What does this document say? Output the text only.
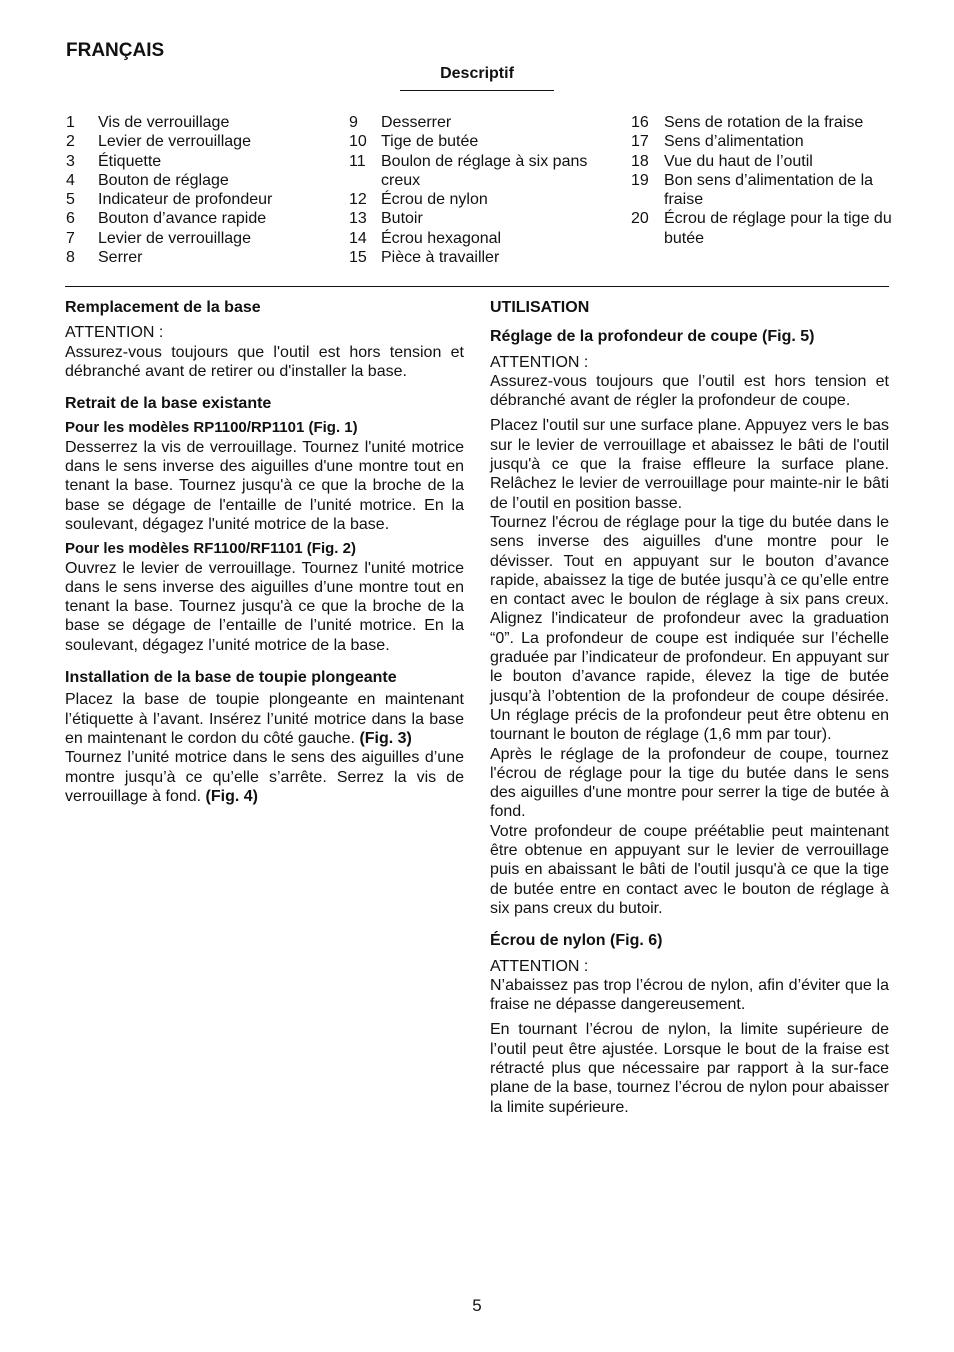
FRANÇAIS
Descriptif
1	Vis de verrouillage
2	Levier de verrouillage
3	Étiquette
4	Bouton de réglage
5	Indicateur de profondeur
6	Bouton d’avance rapide
7	Levier de verrouillage
8	Serrer
9	Desserrer
10 Tige de butée
11 Boulon de réglage à six pans creux
12 Écrou de nylon
13 Butoir
14 Écrou hexagonal
15 Pièce à travailler
16 Sens de rotation de la fraise
17 Sens d’alimentation
18 Vue du haut de l’outil
19 Bon sens d’alimentation de la fraise
20 Écrou de réglage pour la tige du butée
Remplacement de la base

ATTENTION :

Assurez-vous toujours que l'outil est hors tension et débranché avant de retirer ou d'installer la base.

Retrait de la base existante
Pour les modèles RP1100/RP1101 (Fig. 1)

Desserrez la vis de verrouillage. Tournez l'unité motrice dans le sens inverse des aiguilles d'une montre tout en tenant la base. Tournez jusqu'à ce que la broche de la base se dégage de l'entaille de l’unité motrice. En la soulevant, dégagez l'unité motrice de la base.

Pour les modèles RF1100/RF1101 (Fig. 2)

Ouvrez le levier de verrouillage. Tournez l'unité motrice dans le sens inverse des aiguilles d’une montre tout en tenant la base. Tournez jusqu'à ce que la broche de la base se dégage de l’entaille de l’unité motrice. En la soulevant, dégagez l’unité motrice de la base.

Installation de la base de toupie plongeante

Placez la base de toupie plongeante en maintenant l’étiquette à l’avant. Insérez l’unité motrice dans la base en maintenant le cordon du côté gauche. (Fig. 3)

Tournez l’unité motrice dans le sens des aiguilles d’une montre jusqu’à ce qu’elle s’arrête. Serrez la vis de verrouillage à fond. (Fig. 4)

UTILISATION
Réglage de la profondeur de coupe (Fig. 5)

ATTENTION :

Assurez-vous toujours que l’outil est hors tension et débranché avant de régler la profondeur de coupe.

Placez l'outil sur une surface plane. Appuyez vers le bas sur le levier de verrouillage et abaissez le bâti de l'outil jusqu'à ce que la fraise effleure la surface plane. Relâchez le levier de verrouillage pour mainte-nir le bâti de l’outil en position basse.

Tournez l'écrou de réglage pour la tige du butée dans le sens inverse des aiguilles d'une montre pour le dévisser. Tout en appuyant sur le bouton d’avance rapide, abaissez la tige de butée jusqu’à ce qu’elle entre en contact avec le boulon de réglage à six pans creux. Alignez l'indicateur de profondeur avec la graduation “0”. La profondeur de coupe est indiquée sur l’échelle graduée par l’indicateur de profondeur. En appuyant sur le bouton d’avance rapide, élevez la tige de butée jusqu’à l’obtention de la profondeur de coupe désirée. Un réglage précis de la profondeur peut être obtenu en tournant le bouton de réglage (1,6 mm par tour).

Après le réglage de la profondeur de coupe, tournez l'écrou de réglage pour la tige du butée dans le sens des aiguilles d'une montre pour serrer la tige de butée à fond.

Votre profondeur de coupe préétablie peut maintenant être obtenue en appuyant sur le levier de verrouillage puis en abaissant le bâti de l'outil jusqu'à ce que la tige de butée entre en contact avec le bouton de réglage à six pans creux du butoir.

Écrou de nylon (Fig. 6)

ATTENTION :

N’abaissez pas trop l’écrou de nylon, afin d’éviter que la fraise ne dépasse dangereusement.

En tournant l’écrou de nylon, la limite supérieure de l’outil peut être ajustée. Lorsque le bout de la fraise est rétracté plus que nécessaire par rapport à la sur-face plane de la base, tournez l’écrou de nylon pour abaisser la limite supérieure.

5
